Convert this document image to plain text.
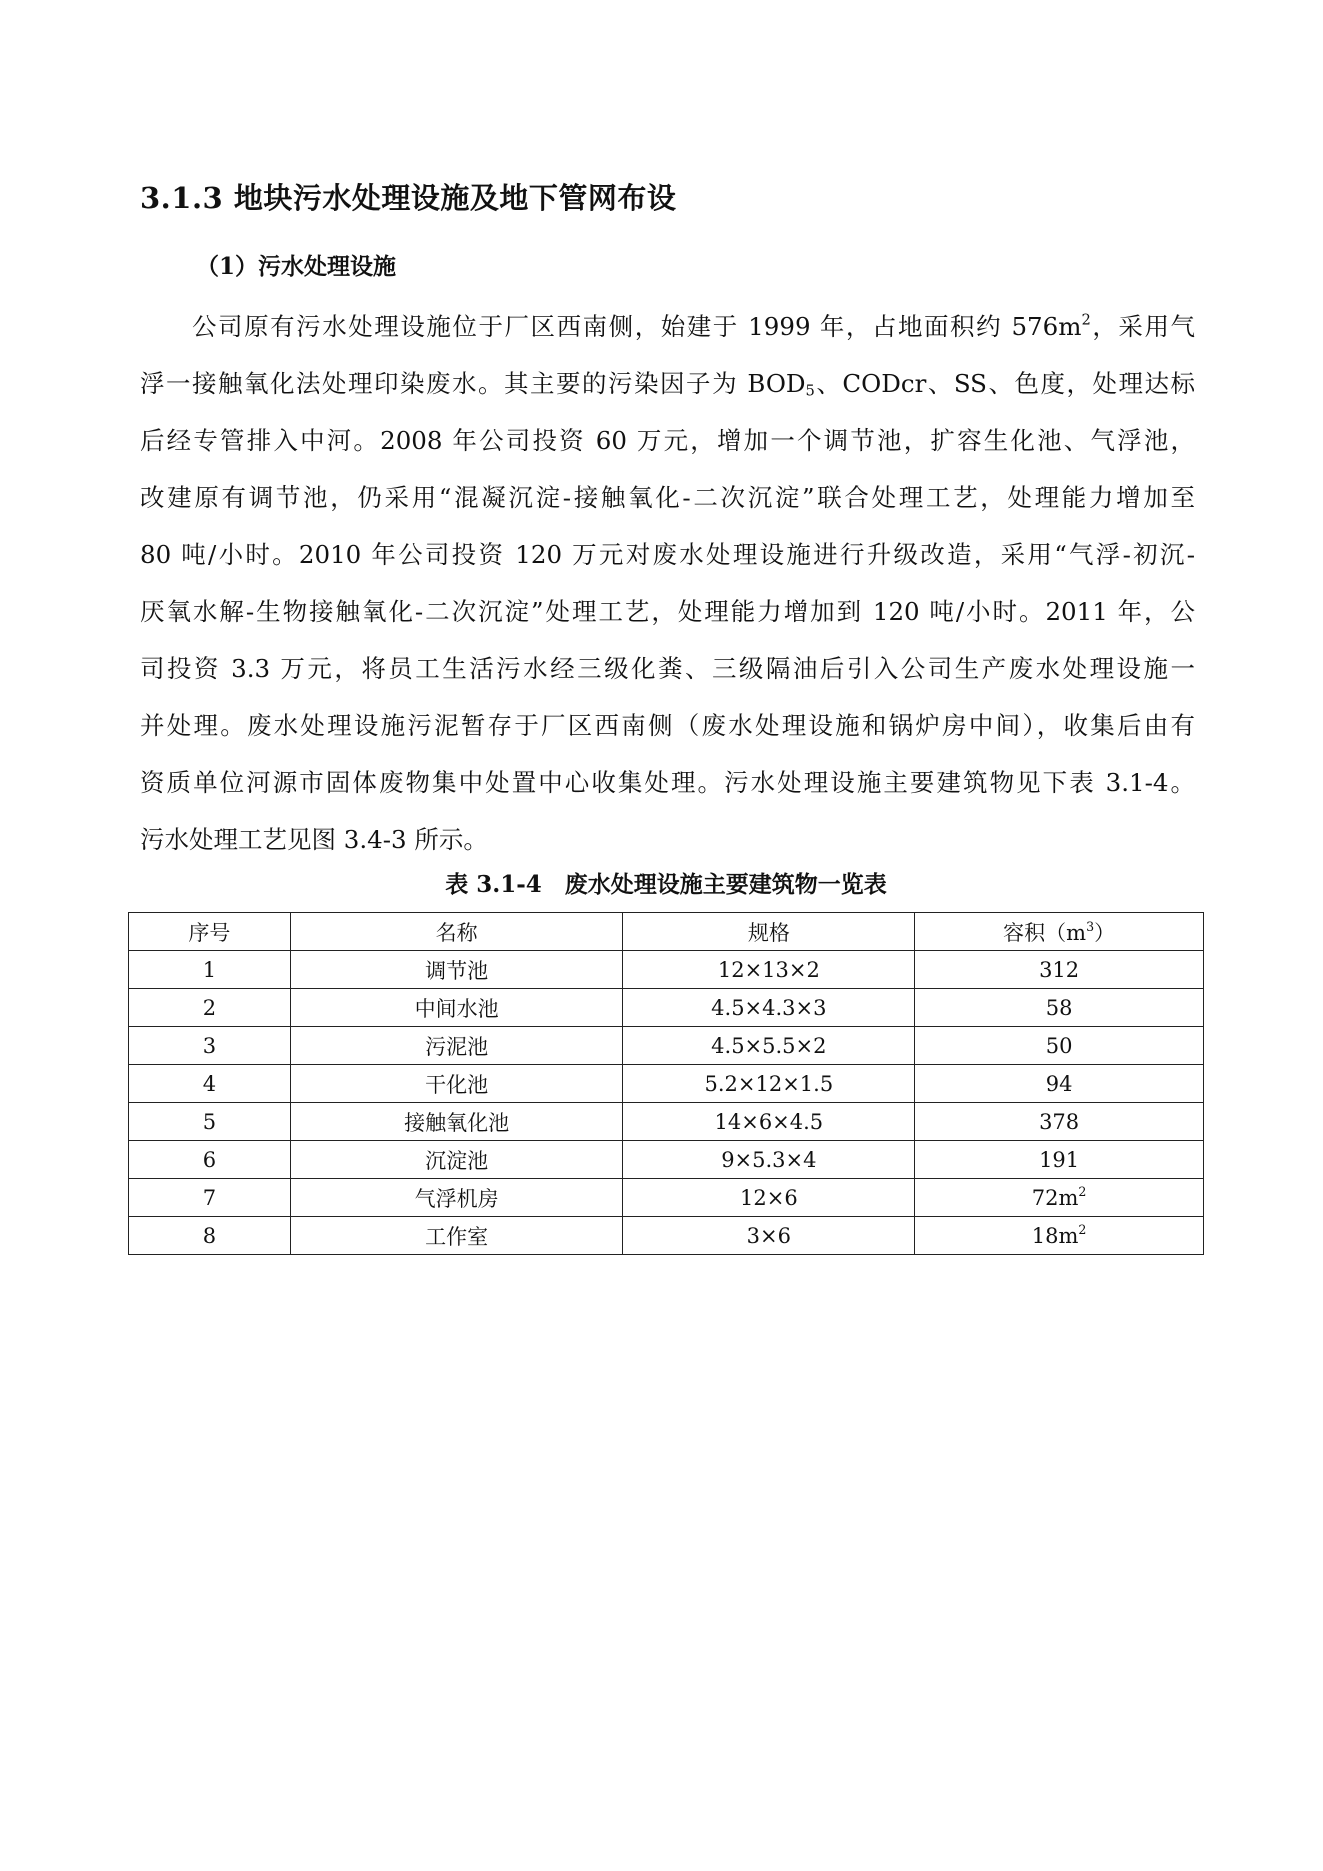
3.1.3 地块污水处理设施及地下管网布设
（1）污水处理设施
公司原有污水处理设施位于厂区西南侧，始建于 1999 年，占地面积约 $576m^2$，采用气
浮一接触氧化法处理印染废水。其主要的污染因子为 $BOD_5$、CODcr、SS、色度，处理达标
后经专管排入中河。2008 年公司投资 60 万元，增加一个调节池，扩容生化池、气浮池，
改建原有调节池，仍采用“混凝沉淀-接触氧化-二次沉淀”联合处理工艺，处理能力增加至
80 吨/小时。2010 年公司投资 120 万元对废水处理设施进行升级改造，采用“气浮-初沉-
厌氧水解-生物接触氧化-二次沉淀”处理工艺，处理能力增加到 120 吨/小时。2011 年，公
司投资 3.3 万元，将员工生活污水经三级化粪、三级隔油后引入公司生产废水处理设施一
并处理。废水处理设施污泥暂存于厂区西南侧（废水处理设施和锅炉房中间），收集后由有
资质单位河源市固体废物集中处置中心收集处理。污水处理设施主要建筑物见下表 3.1-4。
污水处理工艺见图 3.4-3 所示。
表 3.1-4　废水处理设施主要建筑物一览表
序号	名称	规格	容积$(m^3)$
1	调节池	12×13×2	312
2	中间水池	4.5×4.3×3	58
3	污泥池	4.5×5.5×2	50
4	干化池	5.2×12×1.5	94
5	接触氧化池	14×6×4.5	378
6	沉淀池	9×5.3×4	191
7	气浮机房	12×6	$72m^2$
8	工作室	3×6	$18m^2$
